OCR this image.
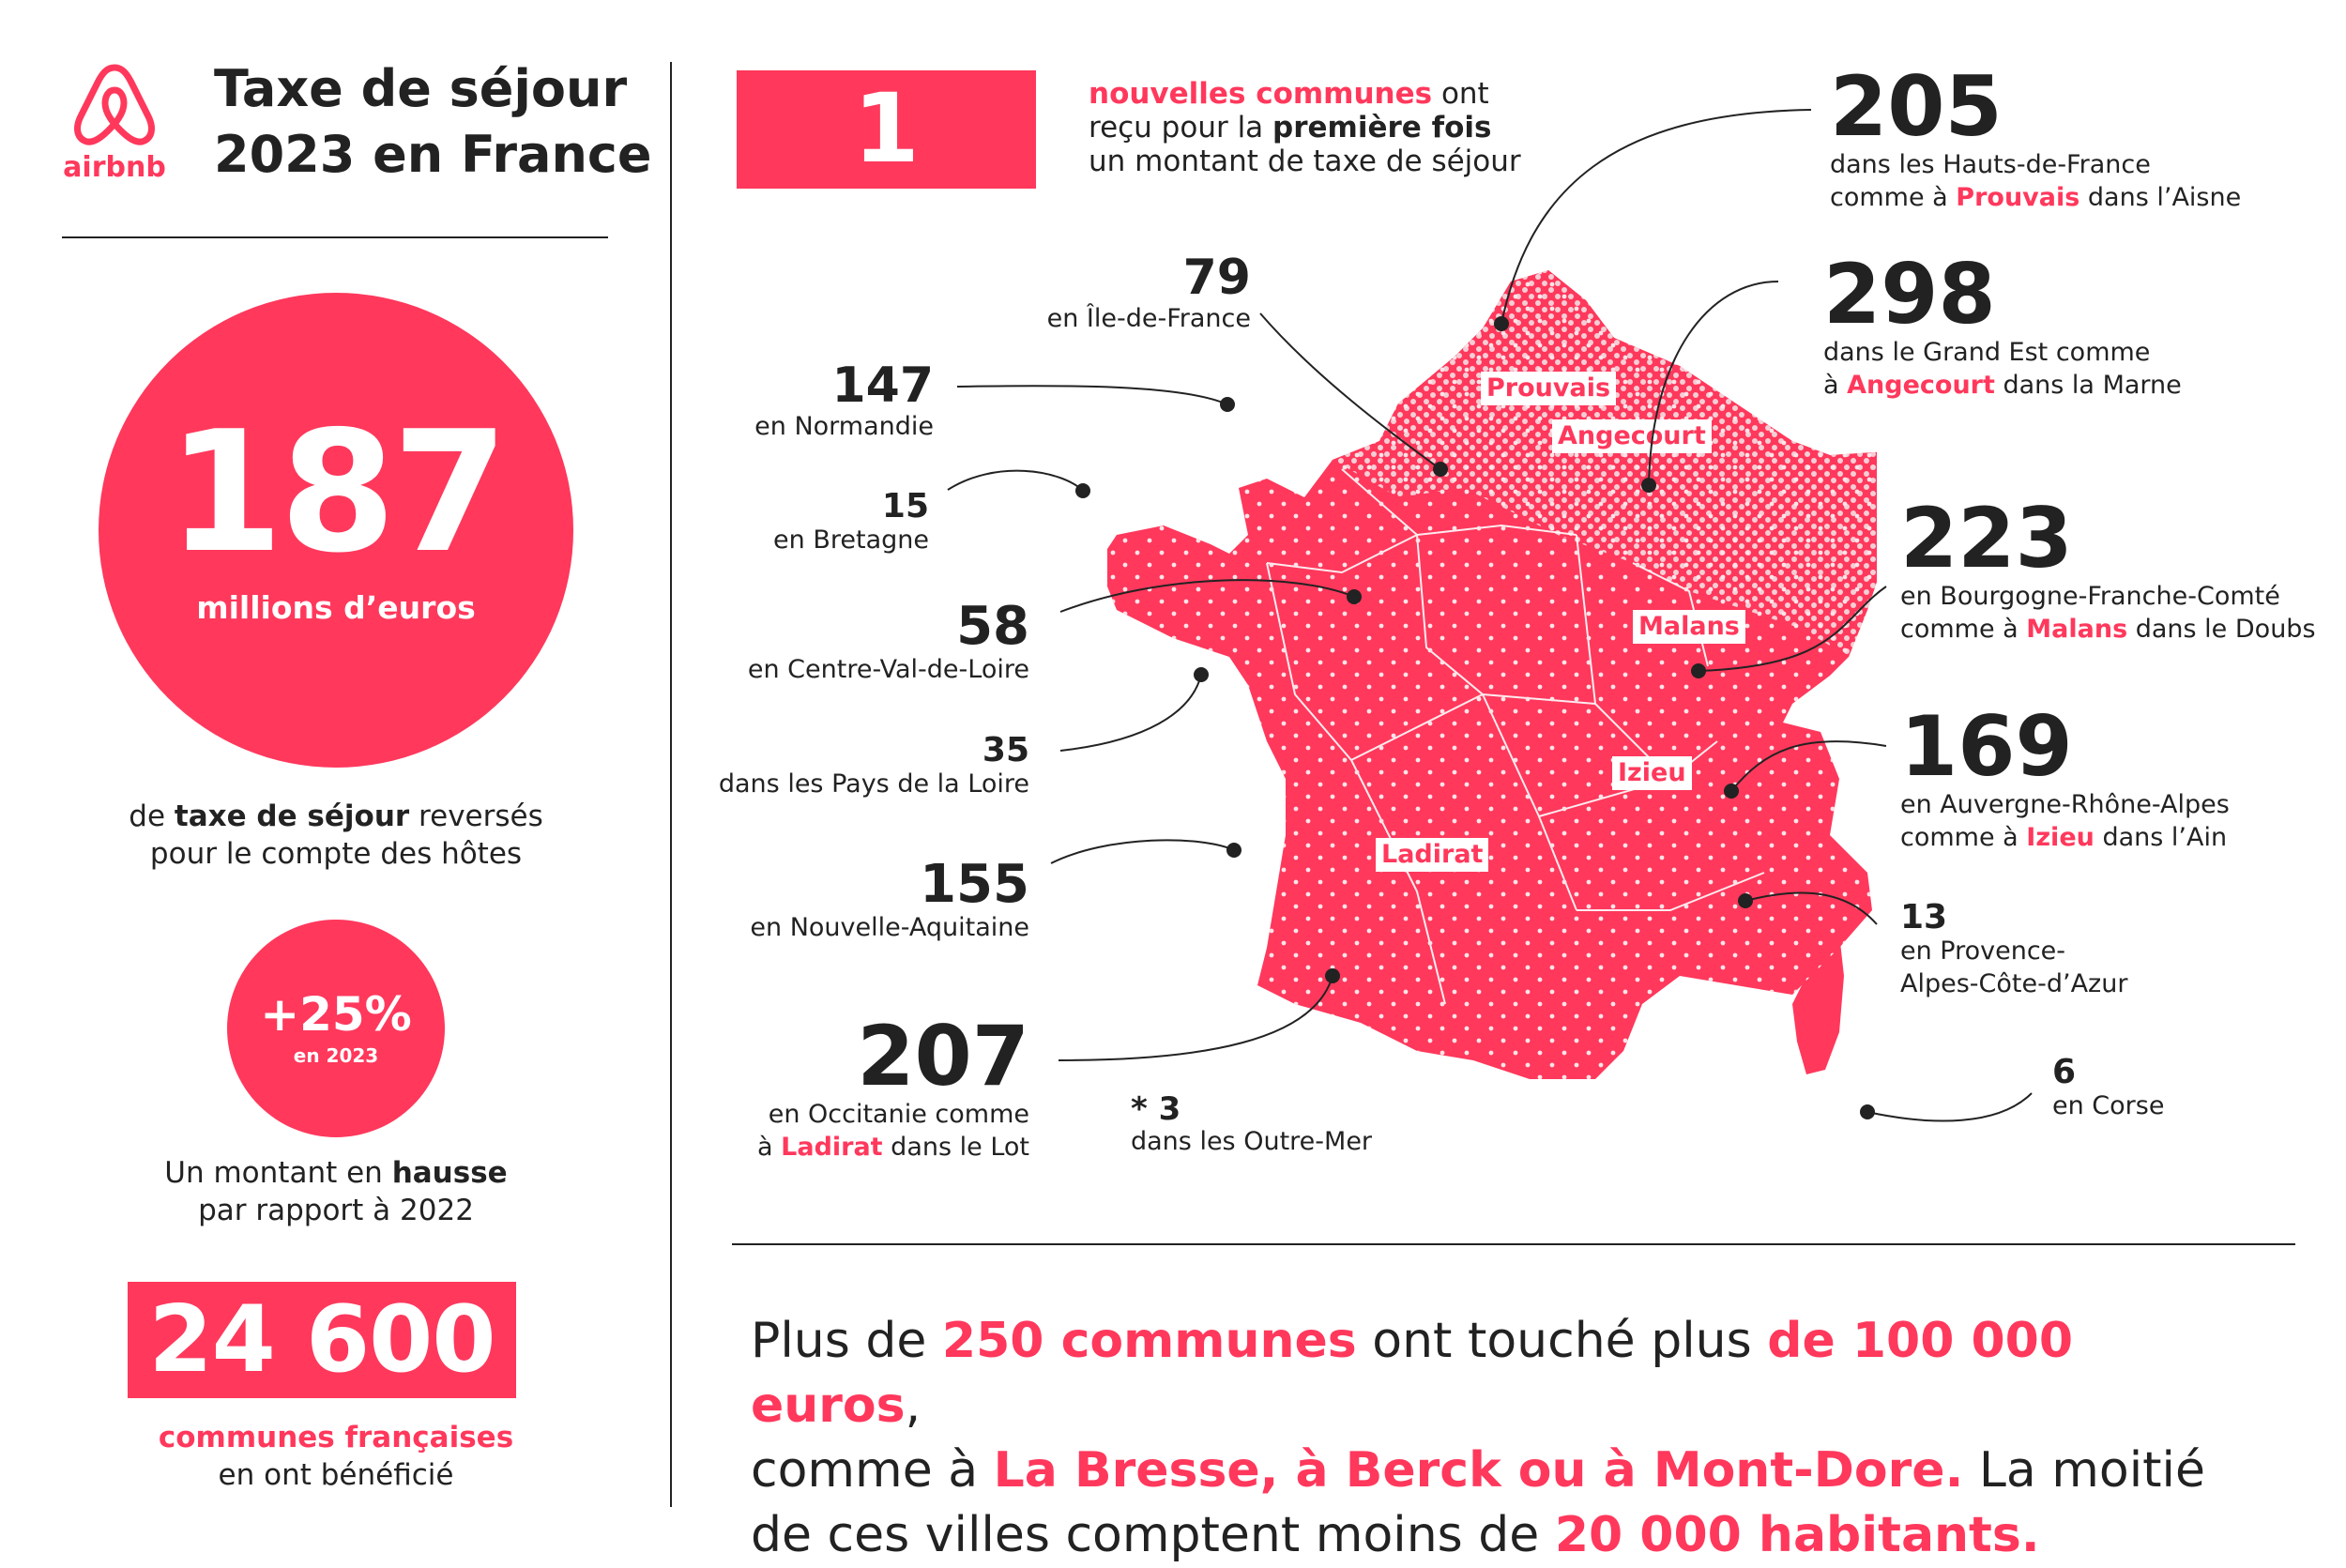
airbnb
Taxe de séjour
2023 en France
187
millions d’euros
de taxe de séjour reversés
pour le compte des hôtes
+25%
en 2023
Un montant en hausse
par rapport à 2022
24 600
communes françaises
en ont bénéficié
1 600
nouvelles communes ont
reçu pour la première fois
un montant de taxe de séjour
Prouvais
Angecourt
Malans
Izieu
Ladirat
205
dans les Hauts-de-France
comme à Prouvais dans l’Aisne
298
dans le Grand Est comme
à Angecourt dans la Marne
79
en Île-de-France
147
en Normandie
15
en Bretagne
58
en Centre-Val-de-Loire
35
dans les Pays de la Loire
155
en Nouvelle-Aquitaine
207
en Occitanie comme
à Ladirat dans le Lot
* 3
dans les Outre-Mer
223
en Bourgogne-Franche-Comté
comme à Malans dans le Doubs
169
en Auvergne-Rhône-Alpes
comme à Izieu dans l’Ain
13
en Provence-
Alpes-Côte-d’Azur
6
en Corse
Plus de 250 communes ont touché plus de 100 000 euros,
comme à La Bresse, à Berck ou à Mont-Dore. La moitié
de ces villes comptent moins de 20 000 habitants.
